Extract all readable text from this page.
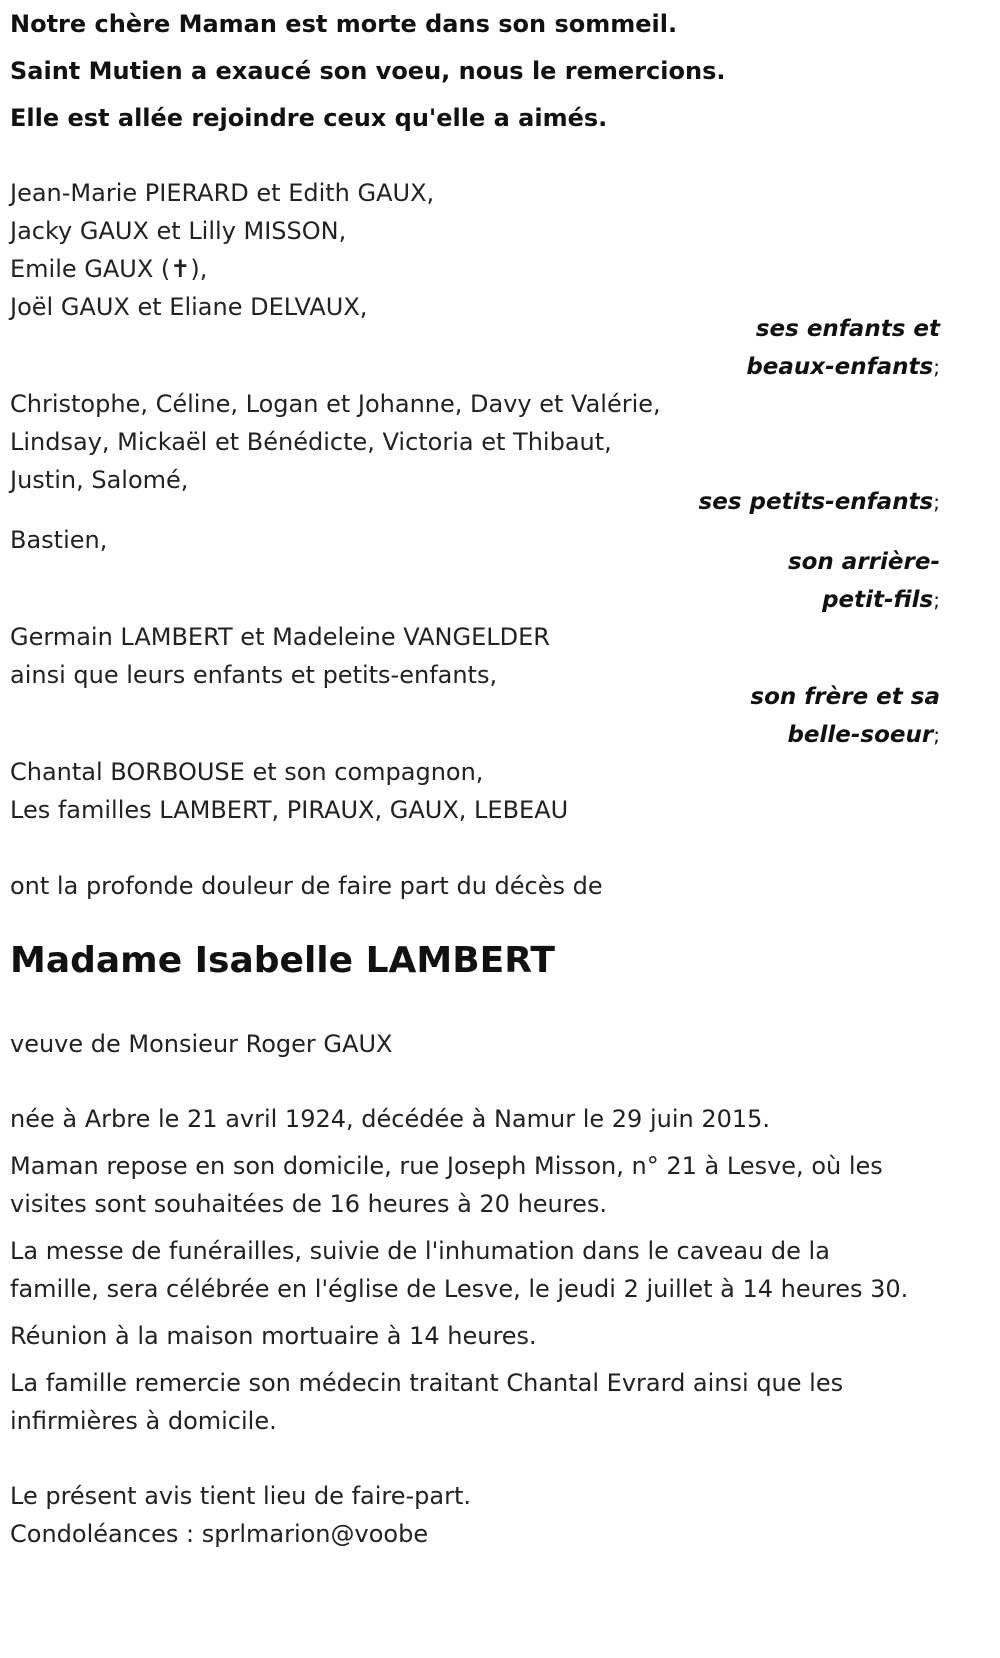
Notre chère Maman est morte dans son sommeil.
Saint Mutien a exaucé son voeu, nous le remercions.
Elle est allée rejoindre ceux qu'elle a aimés.
Jean-Marie PIERARD et Edith GAUX,
Jacky GAUX et Lilly MISSON,
Emile GAUX (✝),
Joël GAUX et Eliane DELVAUX,
ses enfants et
beaux-enfants;
Christophe, Céline, Logan et Johanne, Davy et Valérie,
Lindsay, Mickaël et Bénédicte, Victoria et Thibaut,
Justin, Salomé,
ses petits-enfants;
Bastien,
son arrière-
petit-fils;
Germain LAMBERT et Madeleine VANGELDER
ainsi que leurs enfants et petits-enfants,
son frère et sa
belle-soeur;
Chantal BORBOUSE et son compagnon,
Les familles LAMBERT, PIRAUX, GAUX, LEBEAU
ont la profonde douleur de faire part du décès de
Madame Isabelle LAMBERT
veuve de Monsieur Roger GAUX
née à Arbre le 21 avril 1924, décédée à Namur le 29 juin 2015.
Maman repose en son domicile, rue Joseph Misson, n° 21 à Lesve, où les
visites sont souhaitées de 16 heures à 20 heures.
La messe de funérailles, suivie de l'inhumation dans le caveau de la
famille, sera célébrée en l'église de Lesve, le jeudi 2 juillet à 14 heures 30.
Réunion à la maison mortuaire à 14 heures.
La famille remercie son médecin traitant Chantal Evrard ainsi que les
infirmières à domicile.
Le présent avis tient lieu de faire-part.
Condoléances : sprlmarion@voobe
